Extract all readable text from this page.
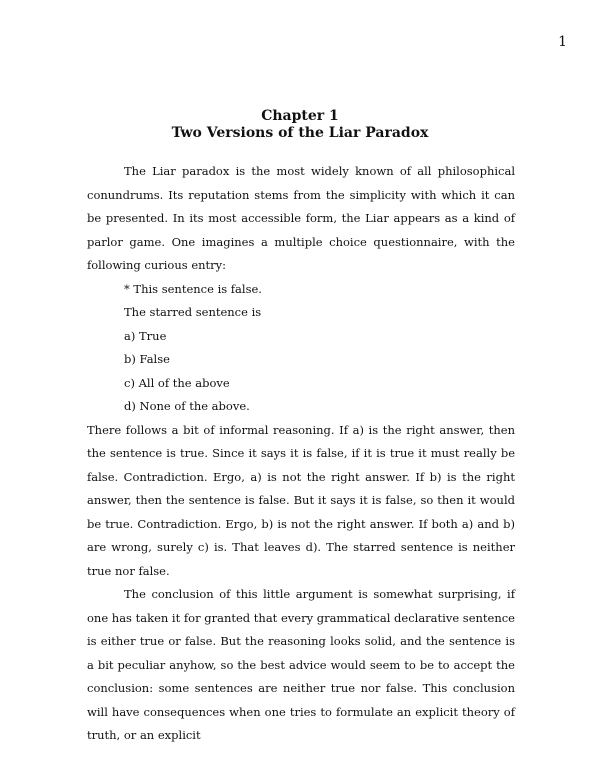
1
Chapter 1
Two Versions of the Liar Paradox

The Liar paradox is the most widely known of all philosophical conundrums. Its reputation stems from the simplicity with which it can be presented. In its most accessible form, the Liar appears as a kind of parlor game. One imagines a multiple choice questionnaire, with the following curious entry:

* This sentence is false.
The starred sentence is
a) True
b) False
c) All of the above
d) None of the above.

There follows a bit of informal reasoning. If a) is the right answer, then the sentence is true. Since it says it is false, if it is true it must really be false. Contradiction. Ergo, a) is not the right answer. If b) is the right answer, then the sentence is false. But it says it is false, so then it would be true. Contradiction. Ergo, b) is not the right answer. If both a) and b) are wrong, surely c) is. That leaves d). The starred sentence is neither true nor false.

The conclusion of this little argument is somewhat surprising, if one has taken it for granted that every grammatical declarative sentence is either true or false. But the reasoning looks solid, and the sentence is a bit peculiar anyhow, so the best advice would seem to be to accept the conclusion: some sentences are neither true nor false. This conclusion will have consequences when one tries to formulate an explicit theory of truth, or an explicit
